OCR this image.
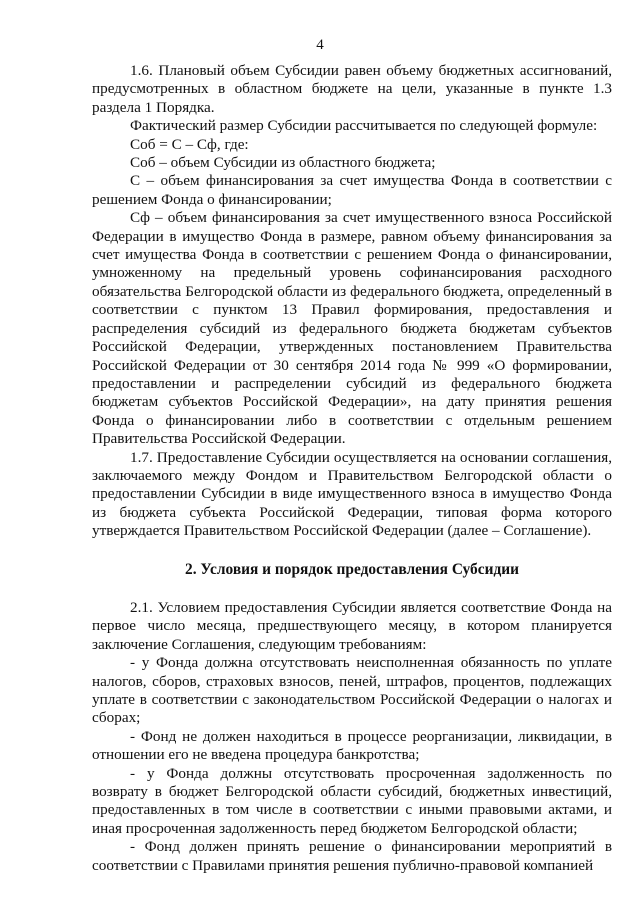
4

1.6. Плановый объем Субсидии равен объему бюджетных ассигнований, предусмотренных в областном бюджете на цели, указанные в пункте 1.3 раздела 1 Порядка.

Фактический размер Субсидии рассчитывается по следующей формуле:

Соб = С – Сф, где:

Соб – объем Субсидии из областного бюджета;

С – объем финансирования за счет имущества Фонда в соответствии с решением Фонда о финансировании;

Сф – объем финансирования за счет имущественного взноса Российской Федерации в имущество Фонда в размере, равном объему финансирования за счет имущества Фонда в соответствии с решением Фонда о финансировании, умноженному на предельный уровень софинансирования расходного обязательства Белгородской области из федерального бюджета, определенный в соответствии с пунктом 13 Правил формирования, предоставления и распределения субсидий из федерального бюджета бюджетам субъектов Российской Федерации, утвержденных постановлением Правительства Российской Федерации от 30 сентября 2014 года № 999 «О формировании, предоставлении и распределении субсидий из федерального бюджета бюджетам субъектов Российской Федерации», на дату принятия решения Фонда о финансировании либо в соответствии с отдельным решением Правительства Российской Федерации.

1.7. Предоставление Субсидии осуществляется на основании соглашения, заключаемого между Фондом и Правительством Белгородской области о предоставлении Субсидии в виде имущественного взноса в имущество Фонда из бюджета субъекта Российской Федерации, типовая форма которого утверждается Правительством Российской Федерации (далее – Соглашение).

2. Условия и порядок предоставления Субсидии

2.1. Условием предоставления Субсидии является соответствие Фонда на первое число месяца, предшествующего месяцу, в котором планируется заключение Соглашения, следующим требованиям:

- у Фонда должна отсутствовать неисполненная обязанность по уплате налогов, сборов, страховых взносов, пеней, штрафов, процентов, подлежащих уплате в соответствии с законодательством Российской Федерации о налогах и сборах;

- Фонд не должен находиться в процессе реорганизации, ликвидации, в отношении его не введена процедура банкротства;

- у Фонда должны отсутствовать просроченная задолженность по возврату в бюджет Белгородской области субсидий, бюджетных инвестиций, предоставленных в том числе в соответствии с иными правовыми актами, и иная просроченная задолженность перед бюджетом Белгородской области;

- Фонд должен принять решение о финансировании мероприятий в соответствии с Правилами принятия решения публично-правовой компанией
